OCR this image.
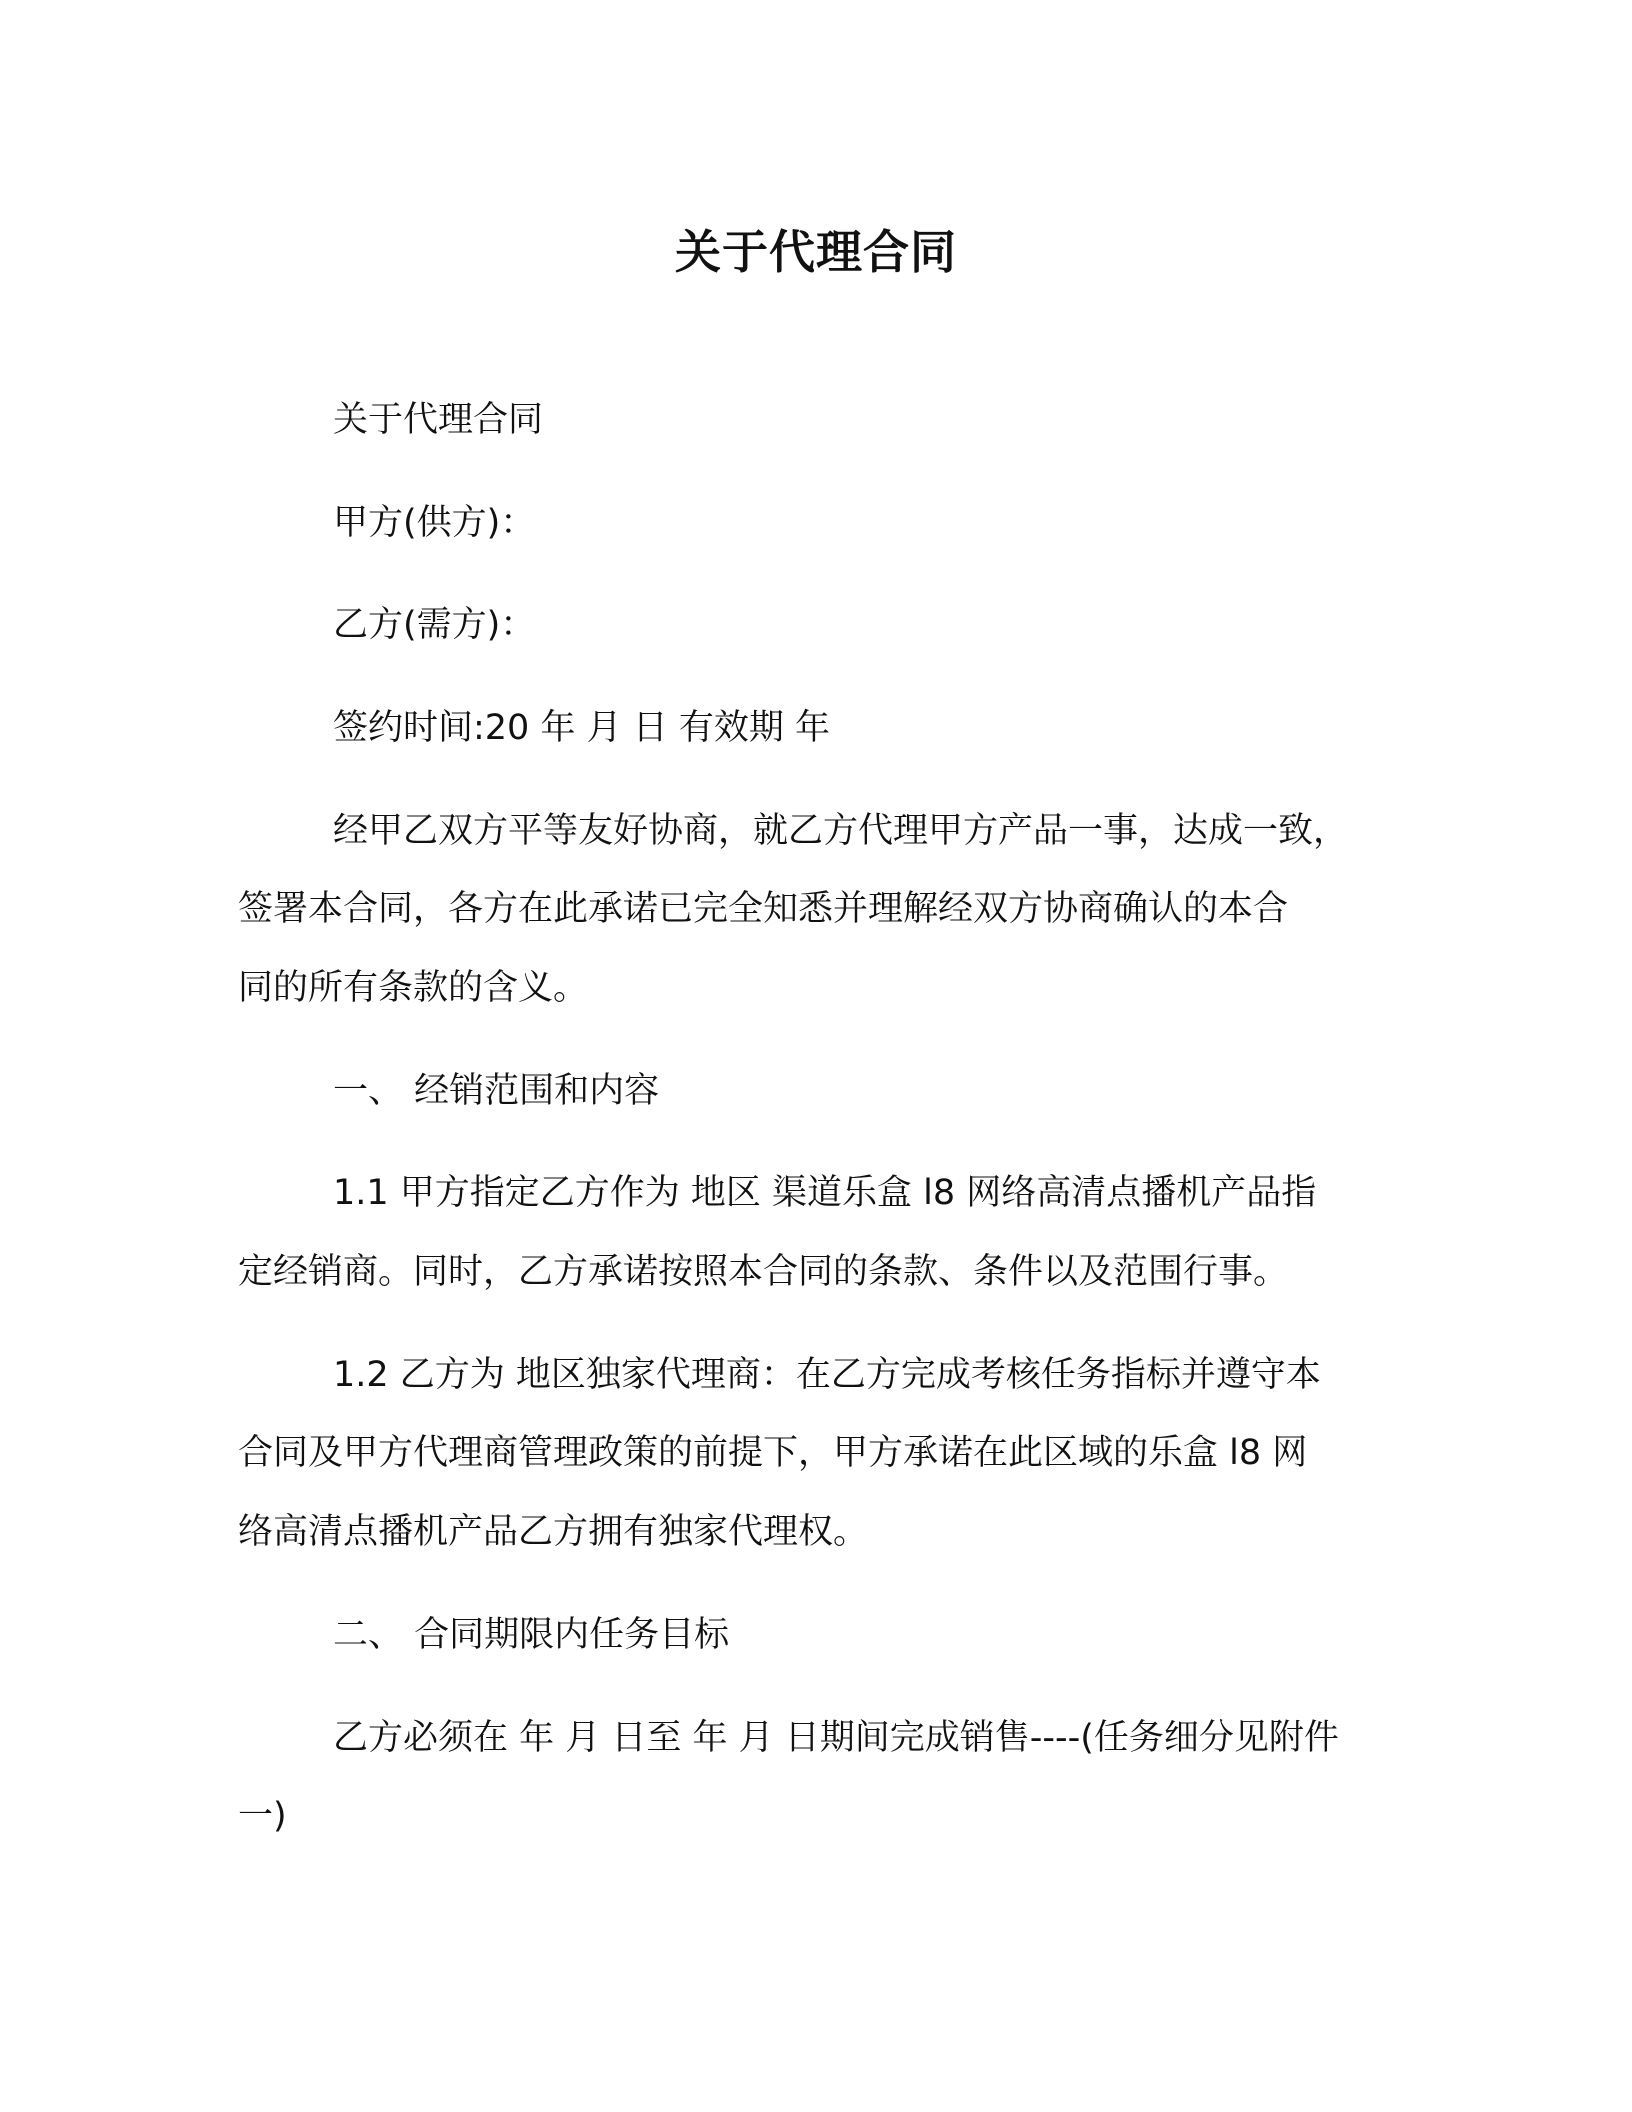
关于代理合同
关于代理合同
甲方(供方)：
乙方(需方)：
签约时间:20 年 月 日 有效期 年
经甲乙双方平等友好协商，就乙方代理甲方产品一事，达成一致，
签署本合同，各方在此承诺已完全知悉并理解经双方协商确认的本合
同的所有条款的含义。
一、 经销范围和内容
1.1 甲方指定乙方作为 地区 渠道乐盒 l8 网络高清点播机产品指
定经销商。同时，乙方承诺按照本合同的条款、条件以及范围行事。
1.2 乙方为 地区独家代理商：在乙方完成考核任务指标并遵守本
合同及甲方代理商管理政策的前提下，甲方承诺在此区域的乐盒 l8 网
络高清点播机产品乙方拥有独家代理权。
二、 合同期限内任务目标
乙方必须在 年 月 日至 年 月 日期间完成销售----(任务细分见附件
一)
